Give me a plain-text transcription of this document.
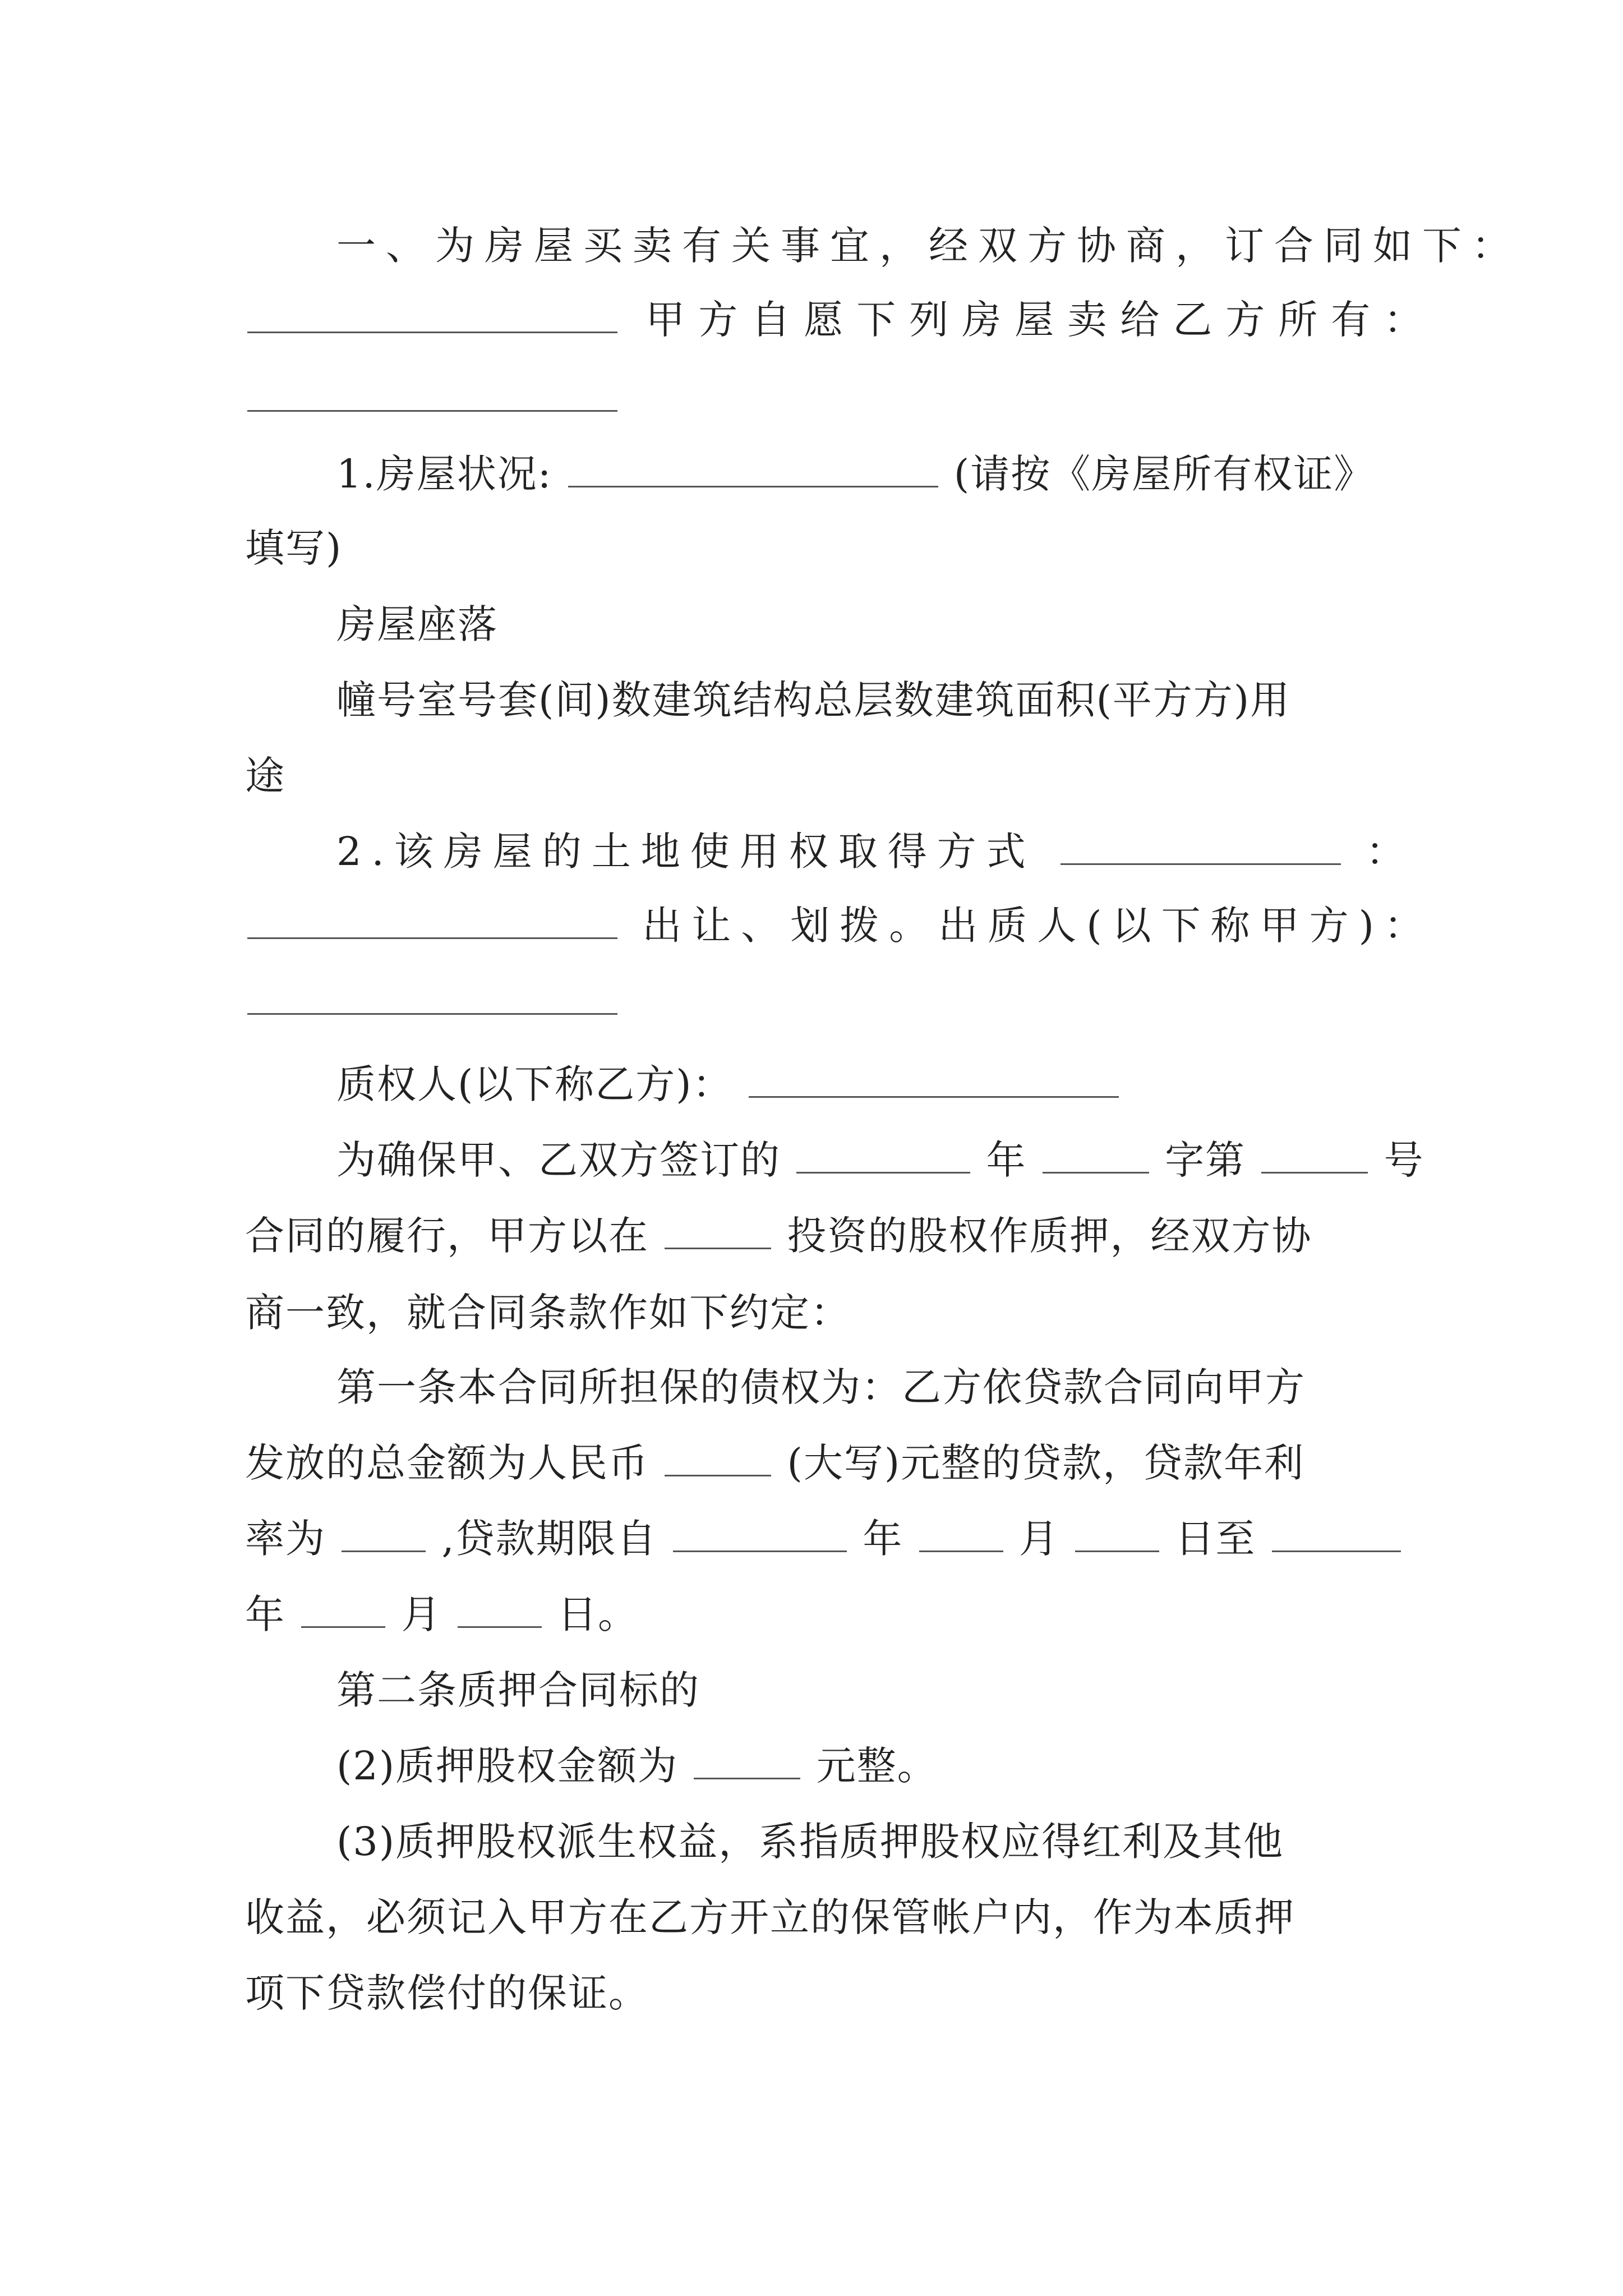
一、为房屋买卖有关事宜，经双方协商，订合同如下：
甲方自愿下列房屋卖给乙方所有：
1.房屋状况:	(请按《房屋所有权证》
填写)
房屋座落
幢号室号套(间)数建筑结构总层数建筑面积(平方方)用
途
2.该房屋的土地使用权取得方式	：
出让、划拨。出质人(以下称甲方)：
质权人(以下称乙方)：
为确保甲、乙双方签订的	年	字第	号
合同的履行，甲方以在	投资的股权作质押，经双方协
商一致，就合同条款作如下约定：
第一条本合同所担保的债权为：乙方依贷款合同向甲方
发放的总金额为人民币	(大写)元整的贷款，贷款年利
率为	,贷款期限自	年	月	日至
年	月	日。
第二条质押合同标的
(2)质押股权金额为	元整。
(3)质押股权派生权益，系指质押股权应得红利及其他
收益，必须记入甲方在乙方开立的保管帐户内，作为本质押
项下贷款偿付的保证。
